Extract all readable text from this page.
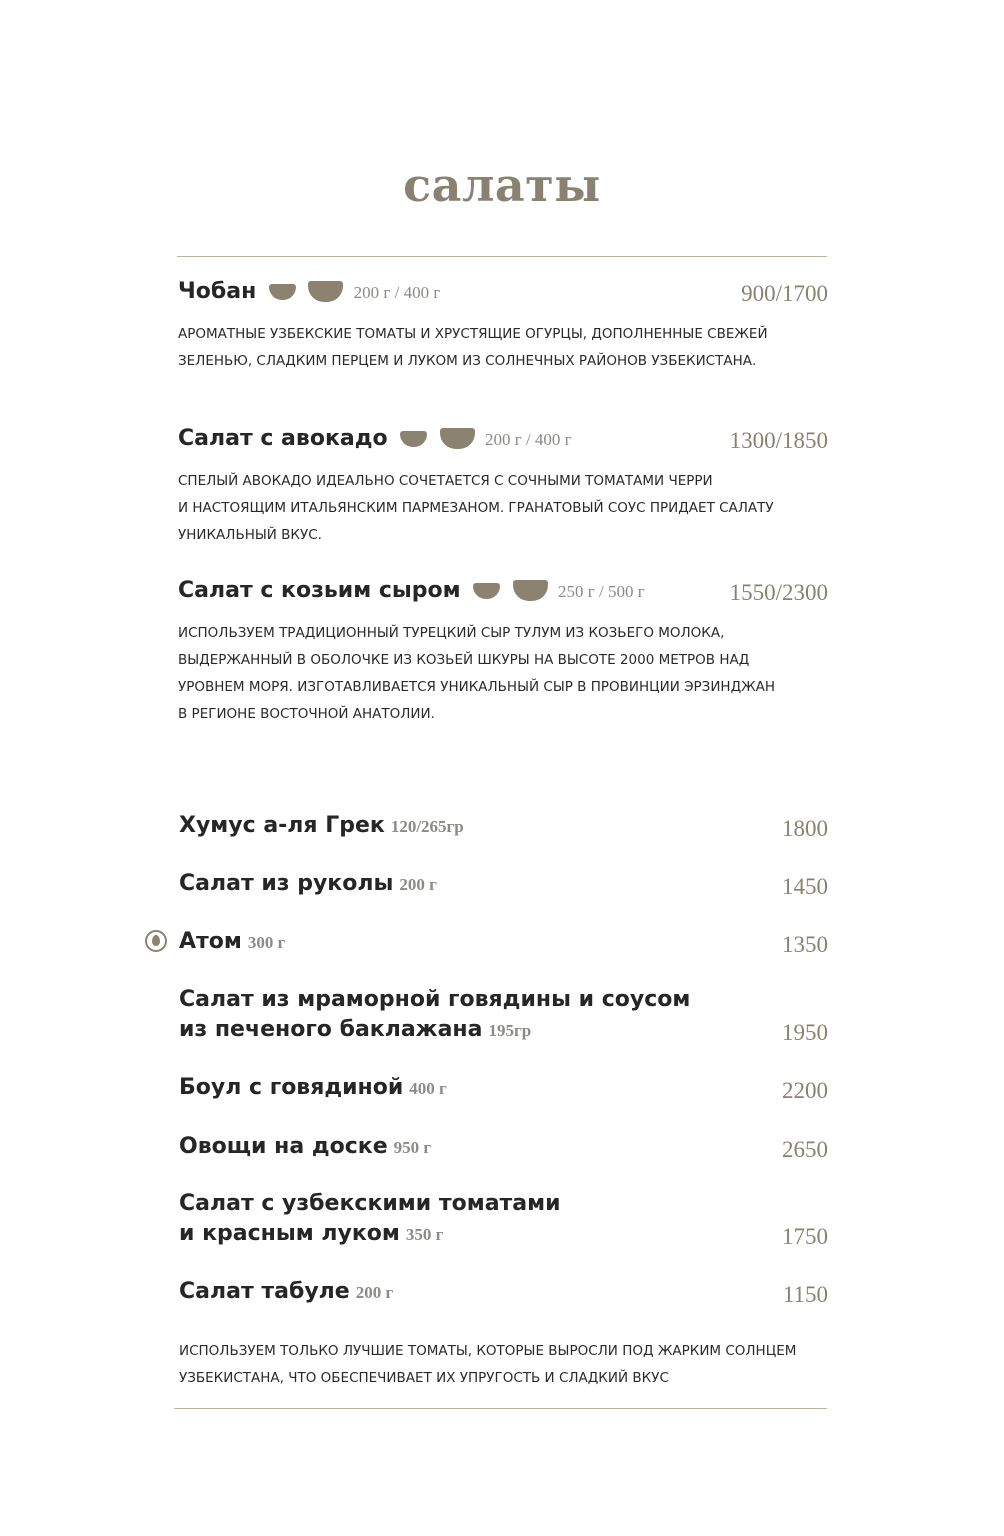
салаты
Чобан	200 г / 400 г	900/1700
АРОМАТНЫЕ УЗБЕКСКИЕ ТОМАТЫ И ХРУСТЯЩИЕ ОГУРЦЫ, ДОПОЛНЕННЫЕ СВЕЖЕЙ
ЗЕЛЕНЬЮ, СЛАДКИМ ПЕРЦЕМ И ЛУКОМ ИЗ СОЛНЕЧНЫХ РАЙОНОВ УЗБЕКИСТАНА.
Салат с авокадо	200 г / 400 г	1300/1850
СПЕЛЫЙ АВОКАДО ИДЕАЛЬНО СОЧЕТАЕТСЯ С СОЧНЫМИ ТОМАТАМИ ЧЕРРИ
И НАСТОЯЩИМ ИТАЛЬЯНСКИМ ПАРМЕЗАНОМ. ГРАНАТОВЫЙ СОУС ПРИДАЕТ САЛАТУ
УНИКАЛЬНЫЙ ВКУС.
Салат с козьим сыром	250 г / 500 г	1550/2300
ИСПОЛЬЗУЕМ ТРАДИЦИОННЫЙ ТУРЕЦКИЙ СЫР ТУЛУМ ИЗ КОЗЬЕГО МОЛОКА,
ВЫДЕРЖАННЫЙ В ОБОЛОЧКЕ ИЗ КОЗЬЕЙ ШКУРЫ НА ВЫСОТЕ 2000 МЕТРОВ НАД
УРОВНЕМ МОРЯ. ИЗГОТАВЛИВАЕТСЯ УНИКАЛЬНЫЙ СЫР В ПРОВИНЦИИ ЭРЗИНДЖАН
В РЕГИОНЕ ВОСТОЧНОЙ АНАТОЛИИ.
Хумус а-ля Грек 120/265гр	1800
Салат из руколы 200 г	1450
Атом 300 г	1350
Салат из мраморной говядины и соусом
из печеного баклажана 195гр	1950
Боул с говядиной 400 г	2200
Овощи на доске 950 г	2650
Салат с узбекскими томатами
и красным луком 350 г	1750
Салат табуле 200 г	1150
ИСПОЛЬЗУЕМ ТОЛЬКО ЛУЧШИЕ ТОМАТЫ, КОТОРЫЕ ВЫРОСЛИ ПОД ЖАРКИМ СОЛНЦЕМ
УЗБЕКИСТАНА, ЧТО ОБЕСПЕЧИВАЕТ ИХ УПРУГОСТЬ И СЛАДКИЙ ВКУС
